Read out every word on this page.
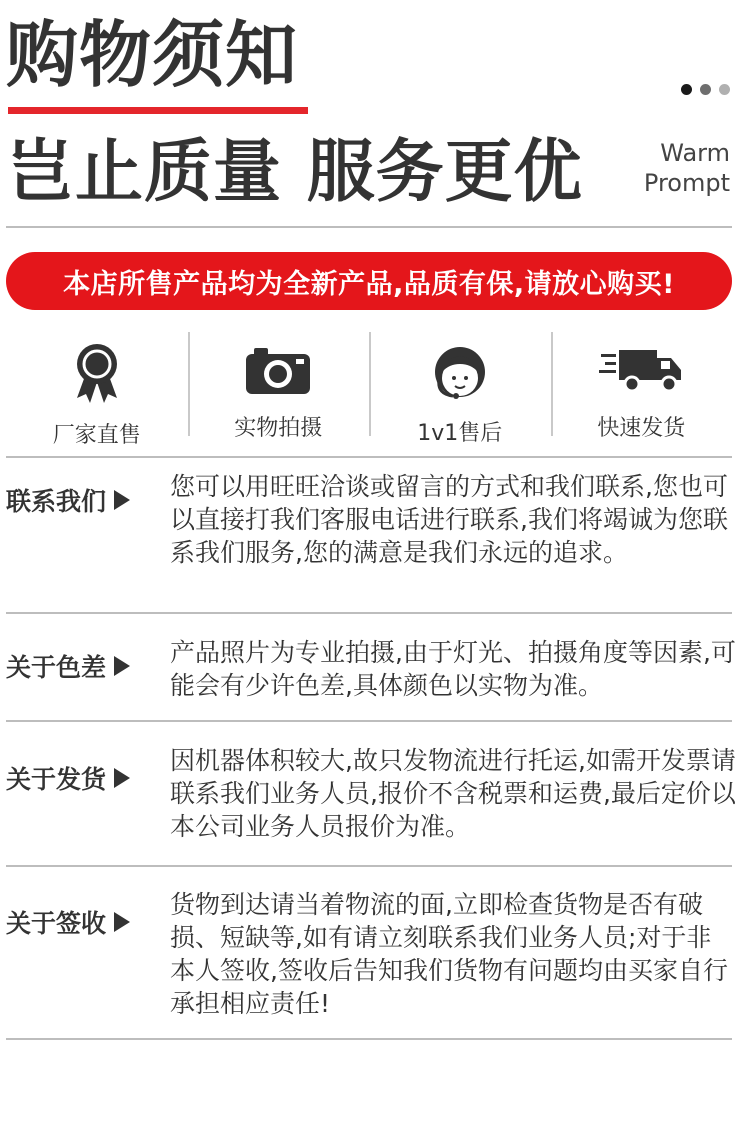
购物须知
岂止质量 服务更优	Warm
Prompt
本店所售产品均为全新产品,品质有保,请放心购买!
厂家直售	实物拍摄	1v1售后	快速发货
联系我们
您可以用旺旺洽谈或留言的方式和我们联系,您也可以直接打我们客服电话进行联系,我们将竭诚为您联系我们服务,您的满意是我们永远的追求。
关于色差
产品照片为专业拍摄,由于灯光、拍摄角度等因素,可能会有少许色差,具体颜色以实物为准。
关于发货
因机器体积较大,故只发物流进行托运,如需开发票请联系我们业务人员,报价不含税票和运费,最后定价以本公司业务人员报价为准。
关于签收
货物到达请当着物流的面,立即检查货物是否有破损、短缺等,如有请立刻联系我们业务人员;对于非本人签收,签收后告知我们货物有问题均由买家自行承担相应责任!
